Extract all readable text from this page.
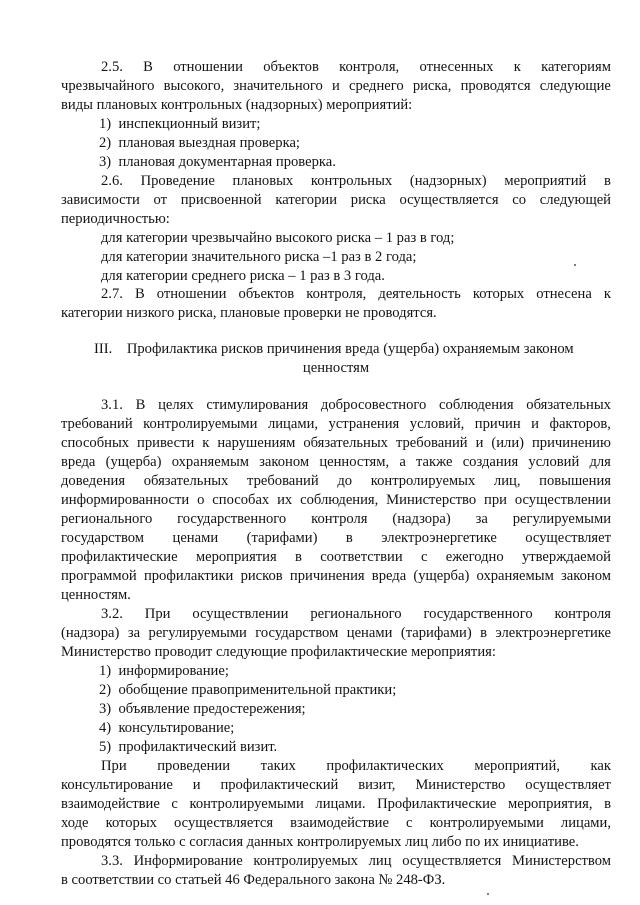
2.5. В отношении объектов контроля, отнесенных к категориям
чрезвычайного высокого, значительного и среднего риска, проводятся следующие
виды плановых контрольных (надзорных) мероприятий:
1)  инспекционный визит;
2)  плановая выездная проверка;
3)  плановая документарная проверка.
2.6. Проведение плановых контрольных (надзорных) мероприятий в
зависимости от присвоенной категории риска осуществляется со следующей
периодичностью:
для категории чрезвычайно высокого риска – 1 раз в год;
для категории значительного риска –1 раз в 2 года;
для категории среднего риска – 1 раз в 3 года.
2.7. В отношении объектов контроля, деятельность которых отнесена к
категории низкого риска, плановые проверки не проводятся.
III.    Профилактика рисков причинения вреда (ущерба) охраняемым законом
ценностям
3.1. В целях стимулирования добросовестного соблюдения обязательных
требований контролируемыми лицами, устранения условий, причин и факторов,
способных привести к нарушениям обязательных требований и (или) причинению
вреда (ущерба) охраняемым законом ценностям, а также создания условий для
доведения обязательных требований до контролируемых лиц, повышения
информированности о способах их соблюдения, Министерство при осуществлении
регионального государственного контроля (надзора) за регулируемыми
государством ценами (тарифами) в электроэнергетике осуществляет
профилактические мероприятия в соответствии с ежегодно утверждаемой
программой профилактики рисков причинения вреда (ущерба) охраняемым законом
ценностям.
3.2. При осуществлении регионального государственного контроля
(надзора) за регулируемыми государством ценами (тарифами) в электроэнергетике
Министерство проводит следующие профилактические мероприятия:
1)  информирование;
2)  обобщение правоприменительной практики;
3)  объявление предостережения;
4)  консультирование;
5)  профилактический визит.
При проведении таких профилактических мероприятий, как
консультирование и профилактический визит, Министерство осуществляет
взаимодействие с контролируемыми лицами. Профилактические мероприятия, в
ходе которых осуществляется взаимодействие с контролируемыми лицами,
проводятся только с согласия данных контролируемых лиц либо по их инициативе.
3.3. Информирование контролируемых лиц осуществляется Министерством
в соответствии со статьей 46 Федерального закона № 248-ФЗ.
